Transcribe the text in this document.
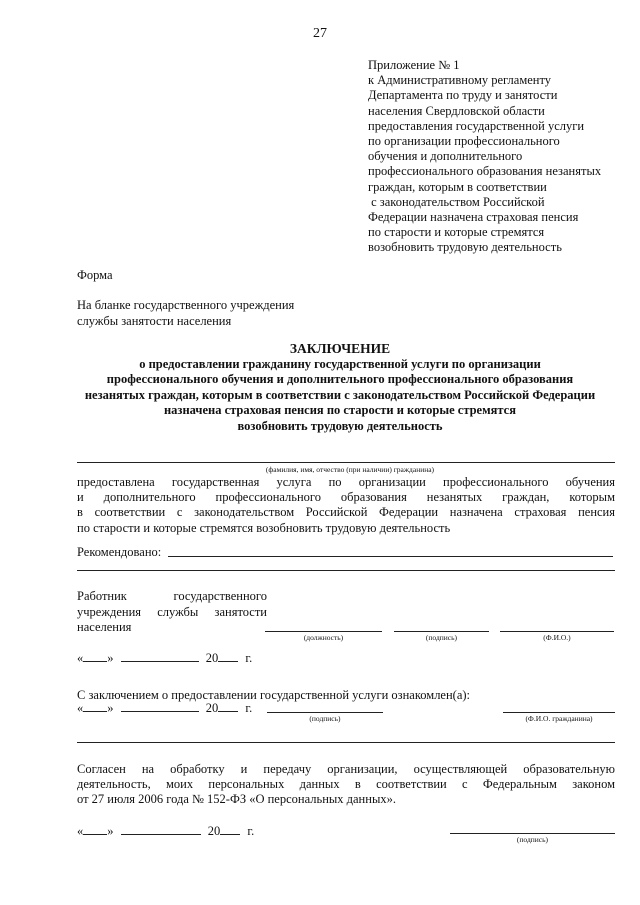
27
Приложение № 1
к Административному регламенту
Департамента по труду и занятости
населения Свердловской области
предоставления государственной услуги
по организации профессионального
обучения и дополнительного
профессионального образования незанятых
граждан, которым в соответствии
с законодательством Российской
Федерации назначена страховая пенсия
по старости и которые стремятся
возобновить трудовую деятельность
Форма
На бланке государственного учреждения
службы занятости населения
ЗАКЛЮЧЕНИЕ
о предоставлении гражданину государственной услуги по организации
профессионального обучения и дополнительного профессионального образования
незанятых граждан, которым в соответствии с законодательством Российской Федерации
назначена страховая пенсия по старости и которые стремятся
возобновить трудовую деятельность
(фамилия, имя, отчество (при наличии) гражданина)
предоставлена государственная услуга по организации профессионального обучения
и дополнительного профессионального образования незанятых граждан, которым
в соответствии с законодательством Российской Федерации назначена страховая пенсия
по старости и которые стремятся возобновить трудовую деятельность
Рекомендовано:
Работник государственного
учреждения службы занятости
населения
(должность)	(подпись)	(Ф.И.О.)
« »	20 г.
С заключением о предоставлении государственной услуги ознакомлен(а):
« »	20 г.
(подпись)	(Ф.И.О. гражданина)
Согласен на обработку и передачу организации, осуществляющей образовательную
деятельность, моих персональных данных в соответствии с Федеральным законом
от 27 июля 2006 года № 152-ФЗ «О персональных данных».
« »	20 г.
(подпись)
